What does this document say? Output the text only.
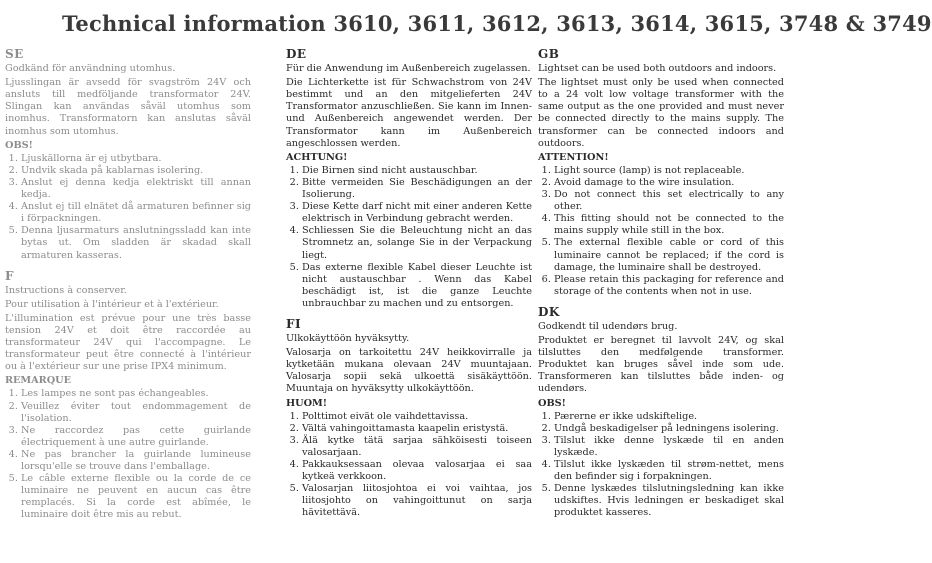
Technical information 3610, 3611, 3612, 3613, 3614, 3615, 3748 & 3749
SE

Godkänd för användning utomhus.

Ljusslingan är avsedd för svagström 24V och ansluts till medföljande transformator 24V. Slingan kan användas såväl utomhus som inomhus. Transformatorn kan anslutas såväl inomhus som utomhus.

OBS!
1. Ljuskällorna är ej utbytbara.
2. Undvik skada på kablarnas isolering.
3. Anslut ej denna kedja elektriskt till annan kedja.
4. Anslut ej till elnätet då armaturen befinner sig i förpackningen.
5. Denna ljusarmaturs anslutningssladd kan inte bytas ut. Om sladden är skadad skall armaturen kasseras.
F

Instructions à conserver.

Pour utilisation à l'intérieur et à l'extérieur.

L'illumination est prévue pour une très basse tension 24V et doit être raccordée au transformateur 24V qui l'accompagne. Le transformateur peut être connecté à l'intérieur ou à l'extérieur sur une prise IPX4 minimum.

REMARQUE
1. Les lampes ne sont pas échangeables.
2. Veuillez éviter tout endommagement de l'isolation.
3. Ne raccordez pas cette guirlande électriquement à une autre guirlande.
4. Ne pas brancher la guirlande lumineuse lorsqu'elle se trouve dans l'emballage.
5. Le câble externe flexible ou la corde de ce luminaire ne peuvent en aucun cas être remplacés. Si la corde est abîmée, le luminaire doit être mis au rebut.
DE

Für die Anwendung im Außenbereich zugelassen.

Die Lichterkette ist für Schwachstrom von 24V bestimmt und an den mitgelieferten 24V Transformator anzuschließen. Sie kann im Innen- und Außenbereich angewendet werden. Der Transformator kann im Außenbereich angeschlossen werden.

ACHTUNG!
1. Die Birnen sind nicht austauschbar.
2. Bitte vermeiden Sie Beschädigungen an der Isolierung.
3. Diese Kette darf nicht mit einer anderen Kette elektrisch in Verbindung gebracht werden.
4. Schliessen Sie die Beleuchtung nicht an das Stromnetz an, solange Sie in der Verpackung liegt.
5. Das externe flexible Kabel dieser Leuchte ist nicht austauschbar . Wenn das Kabel beschädigt ist, ist die ganze Leuchte unbrauchbar zu machen und zu entsorgen.
FI

Ulkokäyttöön hyväksytty.

Valosarja on tarkoitettu 24V heikkovirralle ja kytketään mukana olevaan 24V muuntajaan. Valosarja sopii sekä ulkoettä sisäkäyttöön. Muuntaja on hyväksytty ulkokäyttöön.

HUOM!
1. Polttimot eivät ole vaihdettavissa.
2. Vältä vahingoittamasta kaapelin eristystä.
3. Älä kytke tätä sarjaa sähköisesti toiseen valosarjaan.
4. Pakkauksessaan olevaa valosarjaa ei saa kytkeä verkkoon.
5. Valosarjan liitosjohtoa ei voi vaihtaa, jos liitosjohto on vahingoittunut on sarja hävitettävä.
GB

Lightset can be used both outdoors and indoors.

The lightset must only be used when connected to a 24 volt low voltage transformer with the same output as the one provided and must never be connected directly to the mains supply. The transformer can be connected indoors and outdoors.

ATTENTION!
1. Light source (lamp) is not replaceable.
2. Avoid damage to the wire insulation.
3. Do not connect this set electrically to any other.
4. This fitting should not be connected to the mains supply while still in the box.
5. The external flexible cable or cord of this luminaire cannot be replaced; if the cord is damage, the luminaire shall be destroyed.
6. Please retain this packaging for reference and storage of the contents when not in use.
DK

Godkendt til udendørs brug.

Produktet er beregnet til lavvolt 24V, og skal tilsluttes den medfølgende transformer. Produktet kan bruges såvel inde som ude. Transformeren kan tilsluttes både inden- og udendørs.

OBS!
1. Pærerne er ikke udskiftelige.
2. Undgå beskadigelser på ledningens isolering.
3. Tilslut ikke denne lyskæde til en anden lyskæde.
4. Tilslut ikke lyskæden til strøm-nettet, mens den befinder sig i forpakningen.
5. Denne lyskædes tilslutningsledning kan ikke udskiftes. Hvis ledningen er beskadiget skal produktet kasseres.
